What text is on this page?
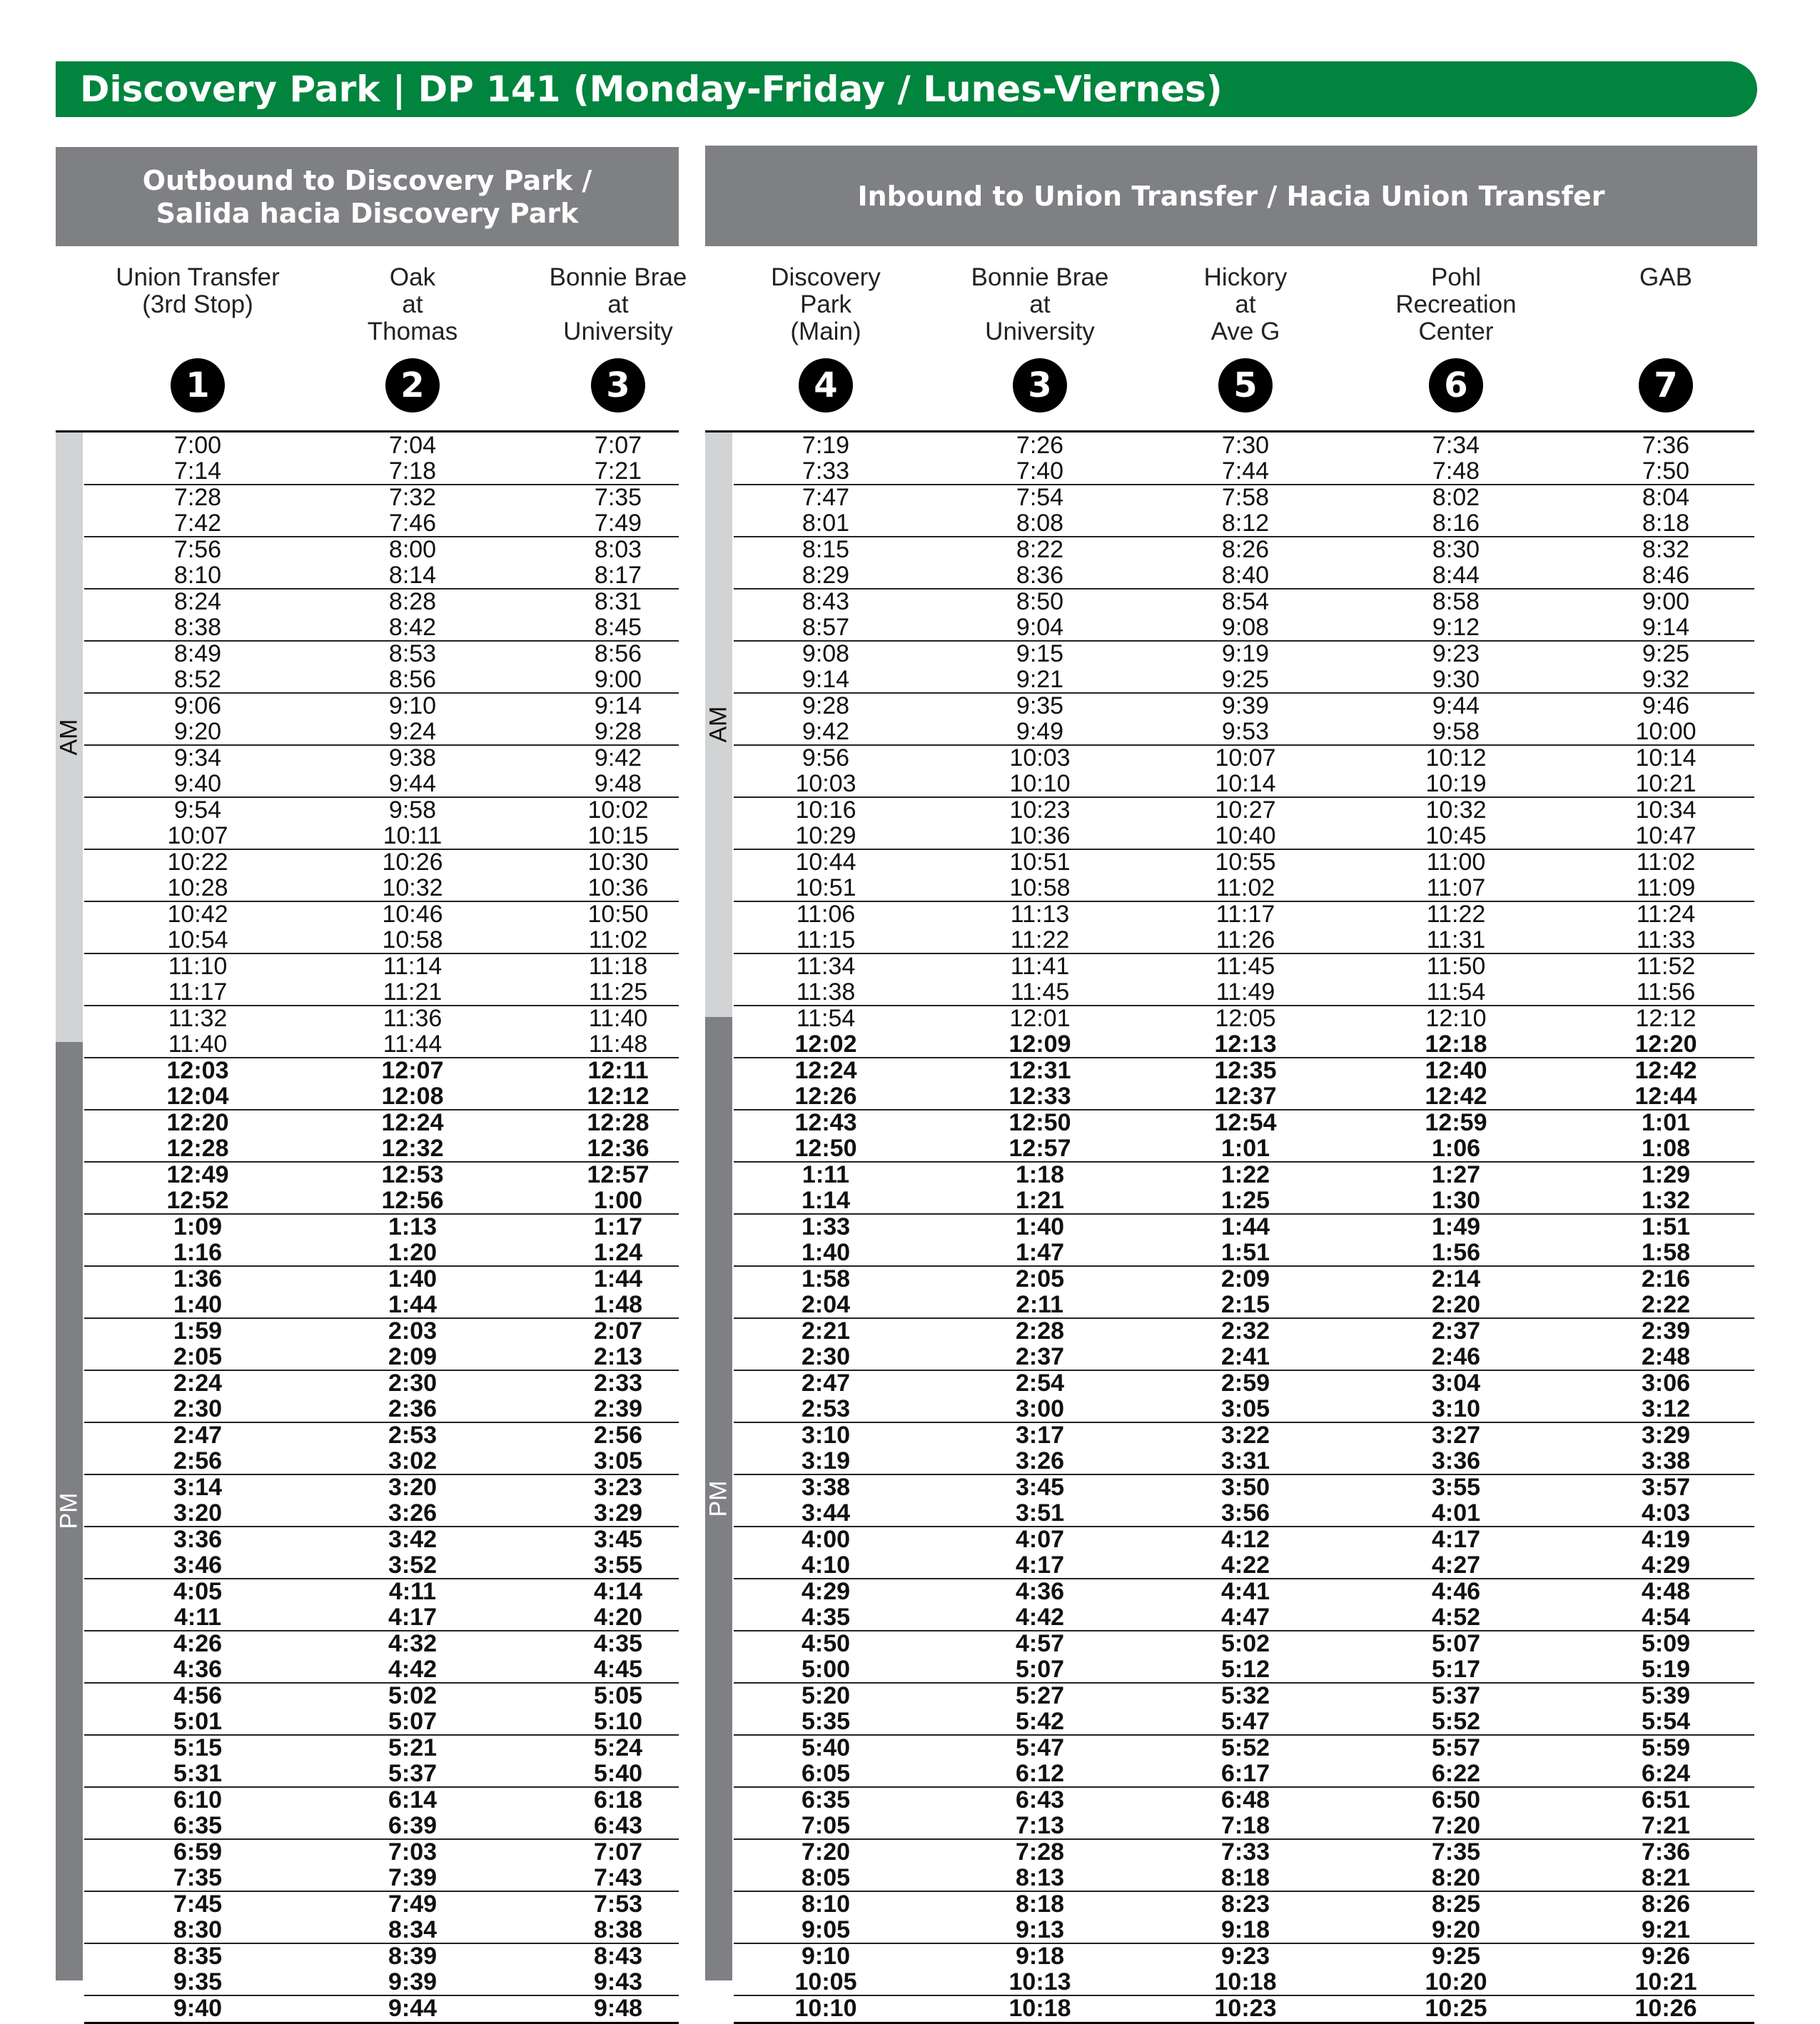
Discovery Park | DP 141 (Monday-Friday / Lunes-Viernes)
Outbound to Discovery Park /
Salida hacia Discovery Park
Inbound to Union Transfer / Hacia Union Transfer
Union Transfer
(3rd Stop)
1
Oak
at
Thomas
2
Bonnie Brae
at
University
3
Discovery
Park
(Main)
4
Bonnie Brae
at
University
3
Hickory
at
Ave G
5
Pohl
Recreation
Center
6
GAB
7
AM
PM
7:00	7:04	7:07
7:14	7:18	7:21
7:28	7:32	7:35
7:42	7:46	7:49
7:56	8:00	8:03
8:10	8:14	8:17
8:24	8:28	8:31
8:38	8:42	8:45
8:49	8:53	8:56
8:52	8:56	9:00
9:06	9:10	9:14
9:20	9:24	9:28
9:34	9:38	9:42
9:40	9:44	9:48
9:54	9:58	10:02
10:07	10:11	10:15
10:22	10:26	10:30
10:28	10:32	10:36
10:42	10:46	10:50
10:54	10:58	11:02
11:10	11:14	11:18
11:17	11:21	11:25
11:32	11:36	11:40
11:40	11:44	11:48
12:03	12:07	12:11
12:04	12:08	12:12
12:20	12:24	12:28
12:28	12:32	12:36
12:49	12:53	12:57
12:52	12:56	1:00
1:09	1:13	1:17
1:16	1:20	1:24
1:36	1:40	1:44
1:40	1:44	1:48
1:59	2:03	2:07
2:05	2:09	2:13
2:24	2:30	2:33
2:30	2:36	2:39
2:47	2:53	2:56
2:56	3:02	3:05
3:14	3:20	3:23
3:20	3:26	3:29
3:36	3:42	3:45
3:46	3:52	3:55
4:05	4:11	4:14
4:11	4:17	4:20
4:26	4:32	4:35
4:36	4:42	4:45
4:56	5:02	5:05
5:01	5:07	5:10
5:15	5:21	5:24
5:31	5:37	5:40
6:10	6:14	6:18
6:35	6:39	6:43
6:59	7:03	7:07
7:35	7:39	7:43
7:45	7:49	7:53
8:30	8:34	8:38
8:35	8:39	8:43
9:35	9:39	9:43
9:40	9:44	9:48
AM
PM
7:19	7:26	7:30	7:34	7:36
7:33	7:40	7:44	7:48	7:50
7:47	7:54	7:58	8:02	8:04
8:01	8:08	8:12	8:16	8:18
8:15	8:22	8:26	8:30	8:32
8:29	8:36	8:40	8:44	8:46
8:43	8:50	8:54	8:58	9:00
8:57	9:04	9:08	9:12	9:14
9:08	9:15	9:19	9:23	9:25
9:14	9:21	9:25	9:30	9:32
9:28	9:35	9:39	9:44	9:46
9:42	9:49	9:53	9:58	10:00
9:56	10:03	10:07	10:12	10:14
10:03	10:10	10:14	10:19	10:21
10:16	10:23	10:27	10:32	10:34
10:29	10:36	10:40	10:45	10:47
10:44	10:51	10:55	11:00	11:02
10:51	10:58	11:02	11:07	11:09
11:06	11:13	11:17	11:22	11:24
11:15	11:22	11:26	11:31	11:33
11:34	11:41	11:45	11:50	11:52
11:38	11:45	11:49	11:54	11:56
11:54	12:01	12:05	12:10	12:12
12:02	12:09	12:13	12:18	12:20
12:24	12:31	12:35	12:40	12:42
12:26	12:33	12:37	12:42	12:44
12:43	12:50	12:54	12:59	1:01
12:50	12:57	1:01	1:06	1:08
1:11	1:18	1:22	1:27	1:29
1:14	1:21	1:25	1:30	1:32
1:33	1:40	1:44	1:49	1:51
1:40	1:47	1:51	1:56	1:58
1:58	2:05	2:09	2:14	2:16
2:04	2:11	2:15	2:20	2:22
2:21	2:28	2:32	2:37	2:39
2:30	2:37	2:41	2:46	2:48
2:47	2:54	2:59	3:04	3:06
2:53	3:00	3:05	3:10	3:12
3:10	3:17	3:22	3:27	3:29
3:19	3:26	3:31	3:36	3:38
3:38	3:45	3:50	3:55	3:57
3:44	3:51	3:56	4:01	4:03
4:00	4:07	4:12	4:17	4:19
4:10	4:17	4:22	4:27	4:29
4:29	4:36	4:41	4:46	4:48
4:35	4:42	4:47	4:52	4:54
4:50	4:57	5:02	5:07	5:09
5:00	5:07	5:12	5:17	5:19
5:20	5:27	5:32	5:37	5:39
5:35	5:42	5:47	5:52	5:54
5:40	5:47	5:52	5:57	5:59
6:05	6:12	6:17	6:22	6:24
6:35	6:43	6:48	6:50	6:51
7:05	7:13	7:18	7:20	7:21
7:20	7:28	7:33	7:35	7:36
8:05	8:13	8:18	8:20	8:21
8:10	8:18	8:23	8:25	8:26
9:05	9:13	9:18	9:20	9:21
9:10	9:18	9:23	9:25	9:26
10:05	10:13	10:18	10:20	10:21
10:10	10:18	10:23	10:25	10:26
